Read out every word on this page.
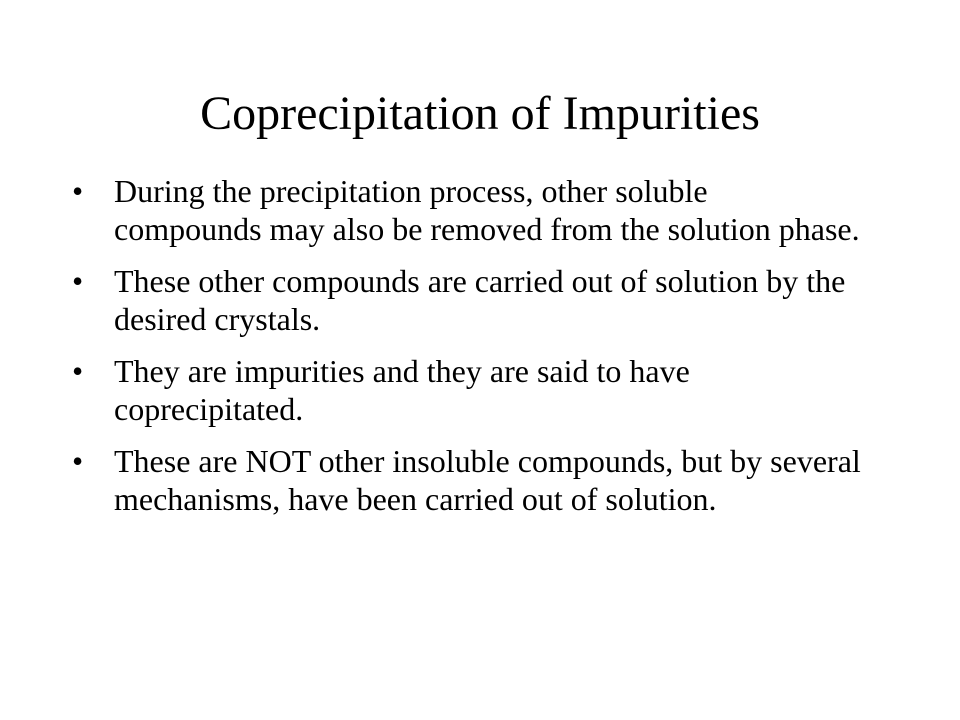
Coprecipitation of Impurities
• During the precipitation process, other soluble compounds may also be removed from the solution phase.
• These other compounds are carried out of solution by the desired crystals.
• They are impurities and they are said to have coprecipitated.
• These are NOT other insoluble compounds, but by several mechanisms, have been carried out of solution.
